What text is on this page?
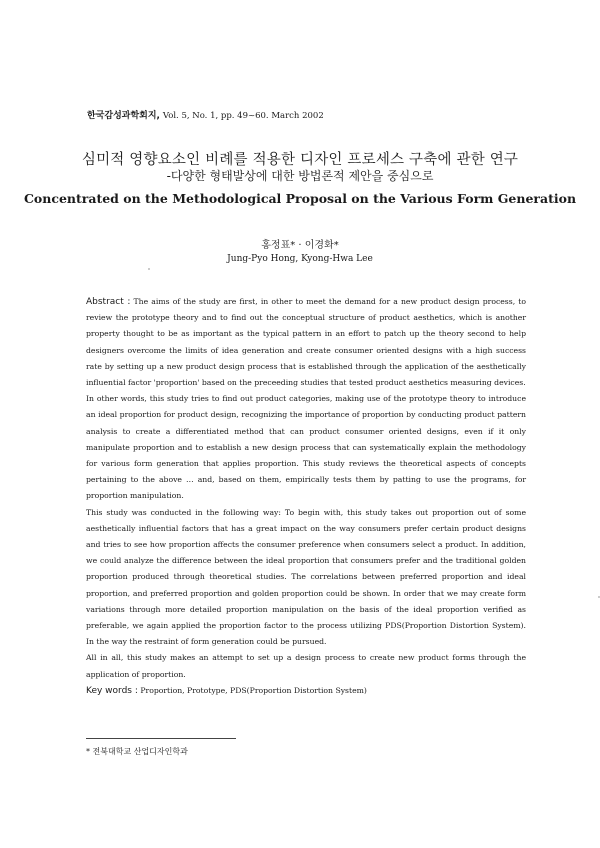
한국감성과학회지, Vol. 5, No. 1, pp. 49~60. March 2002
심미적 영향요소인 비례를 적용한 디자인 프로세스 구축에 관한 연구
-다양한 형태발상에 대한 방법론적 제안을 중심으로
Concentrated on the Methodological Proposal on the Various Form Generation
홍정표* · 이경화*
Jung-Pyo Hong, Kyong-Hwa Lee

Abstract : The aims of the study are first, in other to meet the demand for a new product design process, to review the prototype theory and to find out the conceptual structure of product aesthetics, which is another property thought to be as important as the typical pattern in an effort to patch up the theory second to help designers overcome the limits of idea generation and create consumer oriented designs with a high success rate by setting up a new product design process that is established through the application of the aesthetically influential factor 'proportion' based on the preceeding studies that tested product aesthetics measuring devices.

In other words, this study tries to find out product categories, making use of the prototype theory to introduce an ideal proportion for product design, recognizing the importance of proportion by conducting product pattern analysis to create a differentiated method that can product consumer oriented designs, even if it only manipulate proportion and to establish a new design process that can systematically explain the methodology for various form generation that applies proportion. This study reviews the theoretical aspects of concepts pertaining to the above … and, based on them, empirically tests them by patting to use the programs, for proportion manipulation.

This study was conducted in the following way: To begin with, this study takes out proportion out of some aesthetically influential factors that has a great impact on the way consumers prefer certain product designs and tries to see how proportion affects the consumer preference when consumers select a product. In addition, we could analyze the difference between the ideal proportion that consumers prefer and the traditional golden proportion produced through theoretical studies. The correlations between preferred proportion and ideal proportion, and preferred proportion and golden proportion could be shown. In order that we may create form variations through more detailed proportion manipulation on the basis of the ideal proportion verified as preferable, we again applied the proportion factor to the process utilizing PDS(Proportion Distortion System). In the way the restraint of form generation could be pursued.

All in all, this study makes an attempt to set up a design process to create new product forms through the application of proportion.

Key words : Proportion, Prototype, PDS(Proportion Distortion System)

* 전북대학교 산업디자인학과
